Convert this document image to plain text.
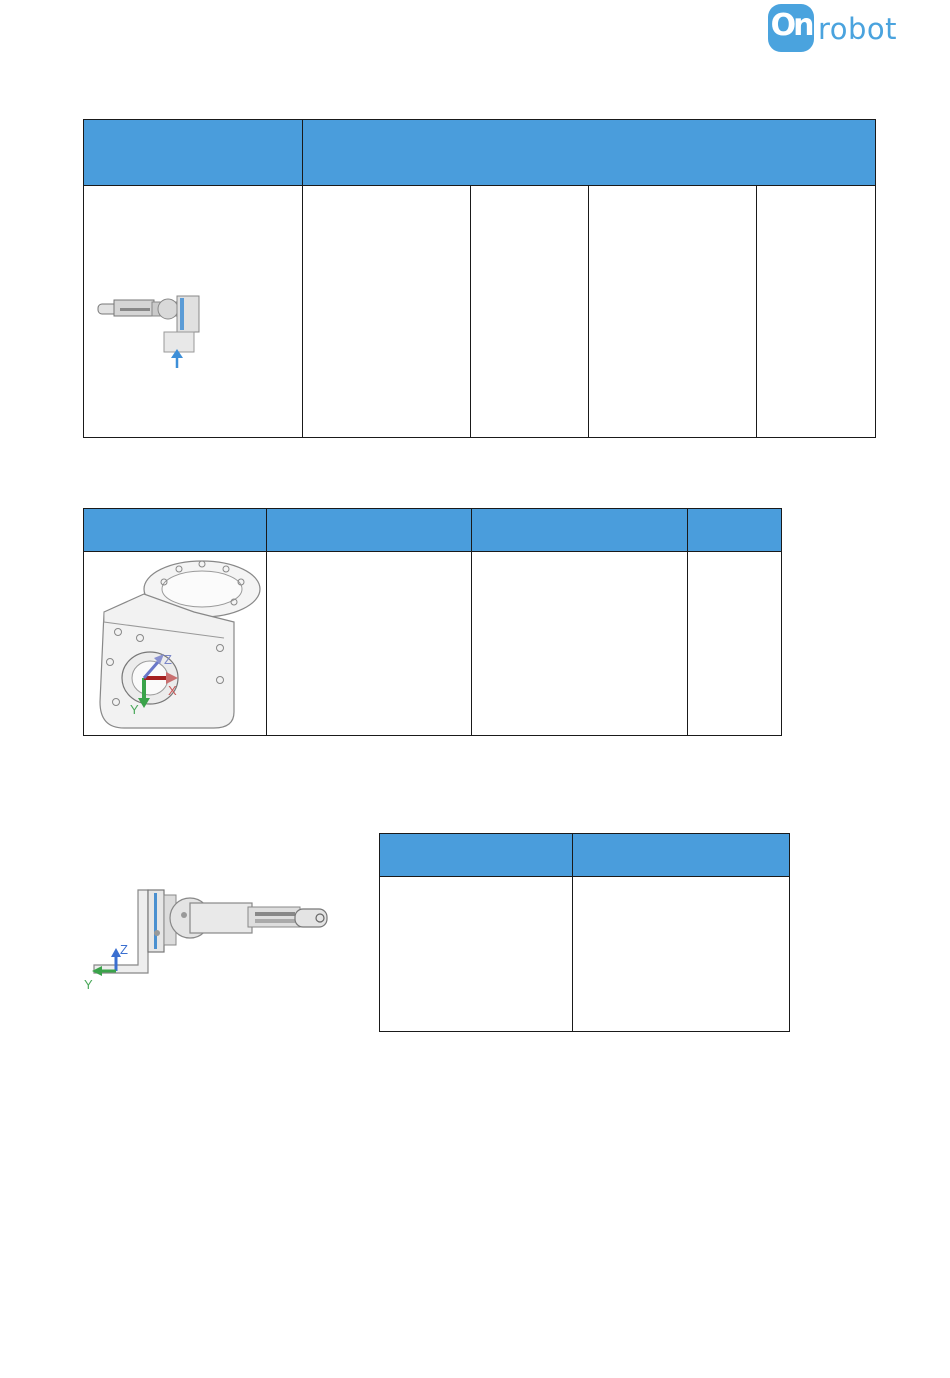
On robot

Z
X
Y			

Z
Y
